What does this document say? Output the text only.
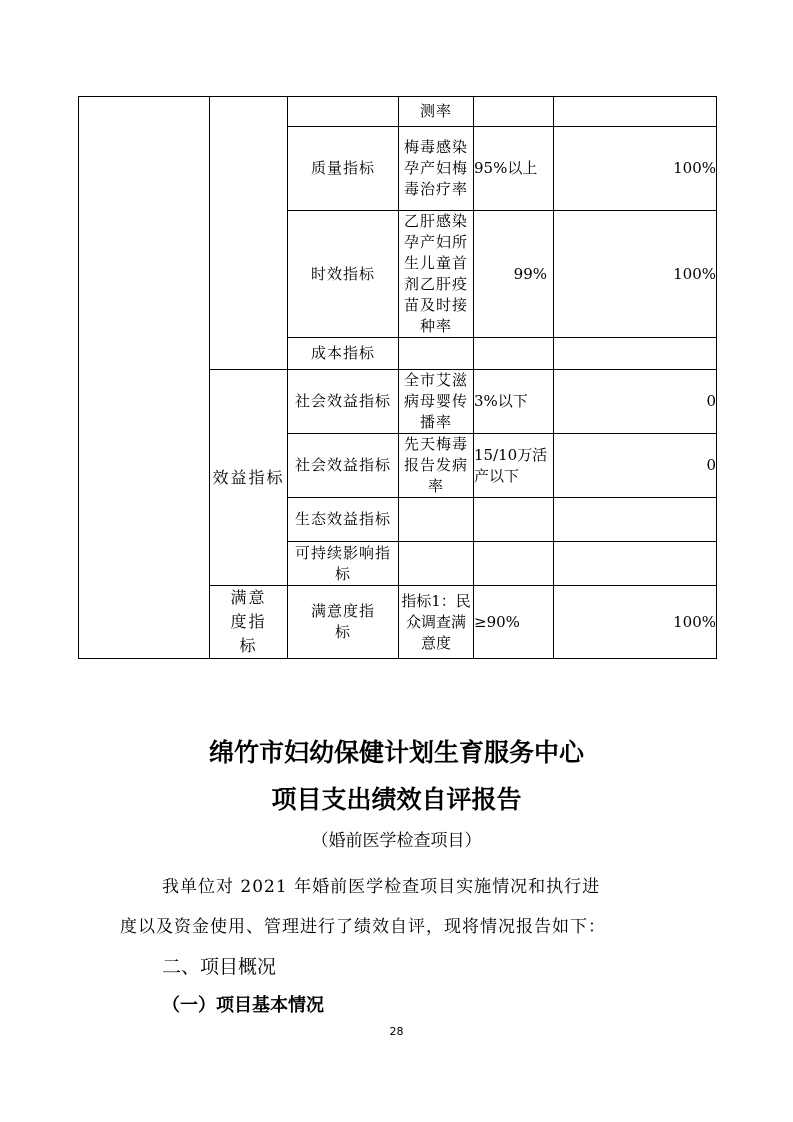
			测率		

		质量指标	梅毒感染孕产妇梅毒治疗率	95%以上	100%

		时效指标	乙肝感染孕产妇所生儿童首剂乙肝疫苗及时接种率	99%	100%

		成本指标			

	效益指标	社会效益指标	全市艾滋病母婴传播率	3%以下	0

		社会效益指标	先天梅毒报告发病率	15/10万活产以下	0

		生态效益指标			

		可持续影响指标			

	满意度指标	满意度指标	指标1：民众调查满意度	≥90%	100%
绵竹市妇幼保健计划生育服务中心
项目支出绩效自评报告
（婚前医学检查项目）
我单位对 2021 年婚前医学检查项目实施情况和执行进
度以及资金使用、管理进行了绩效自评，现将情况报告如下：
二、项目概况
（一）项目基本情况
28
